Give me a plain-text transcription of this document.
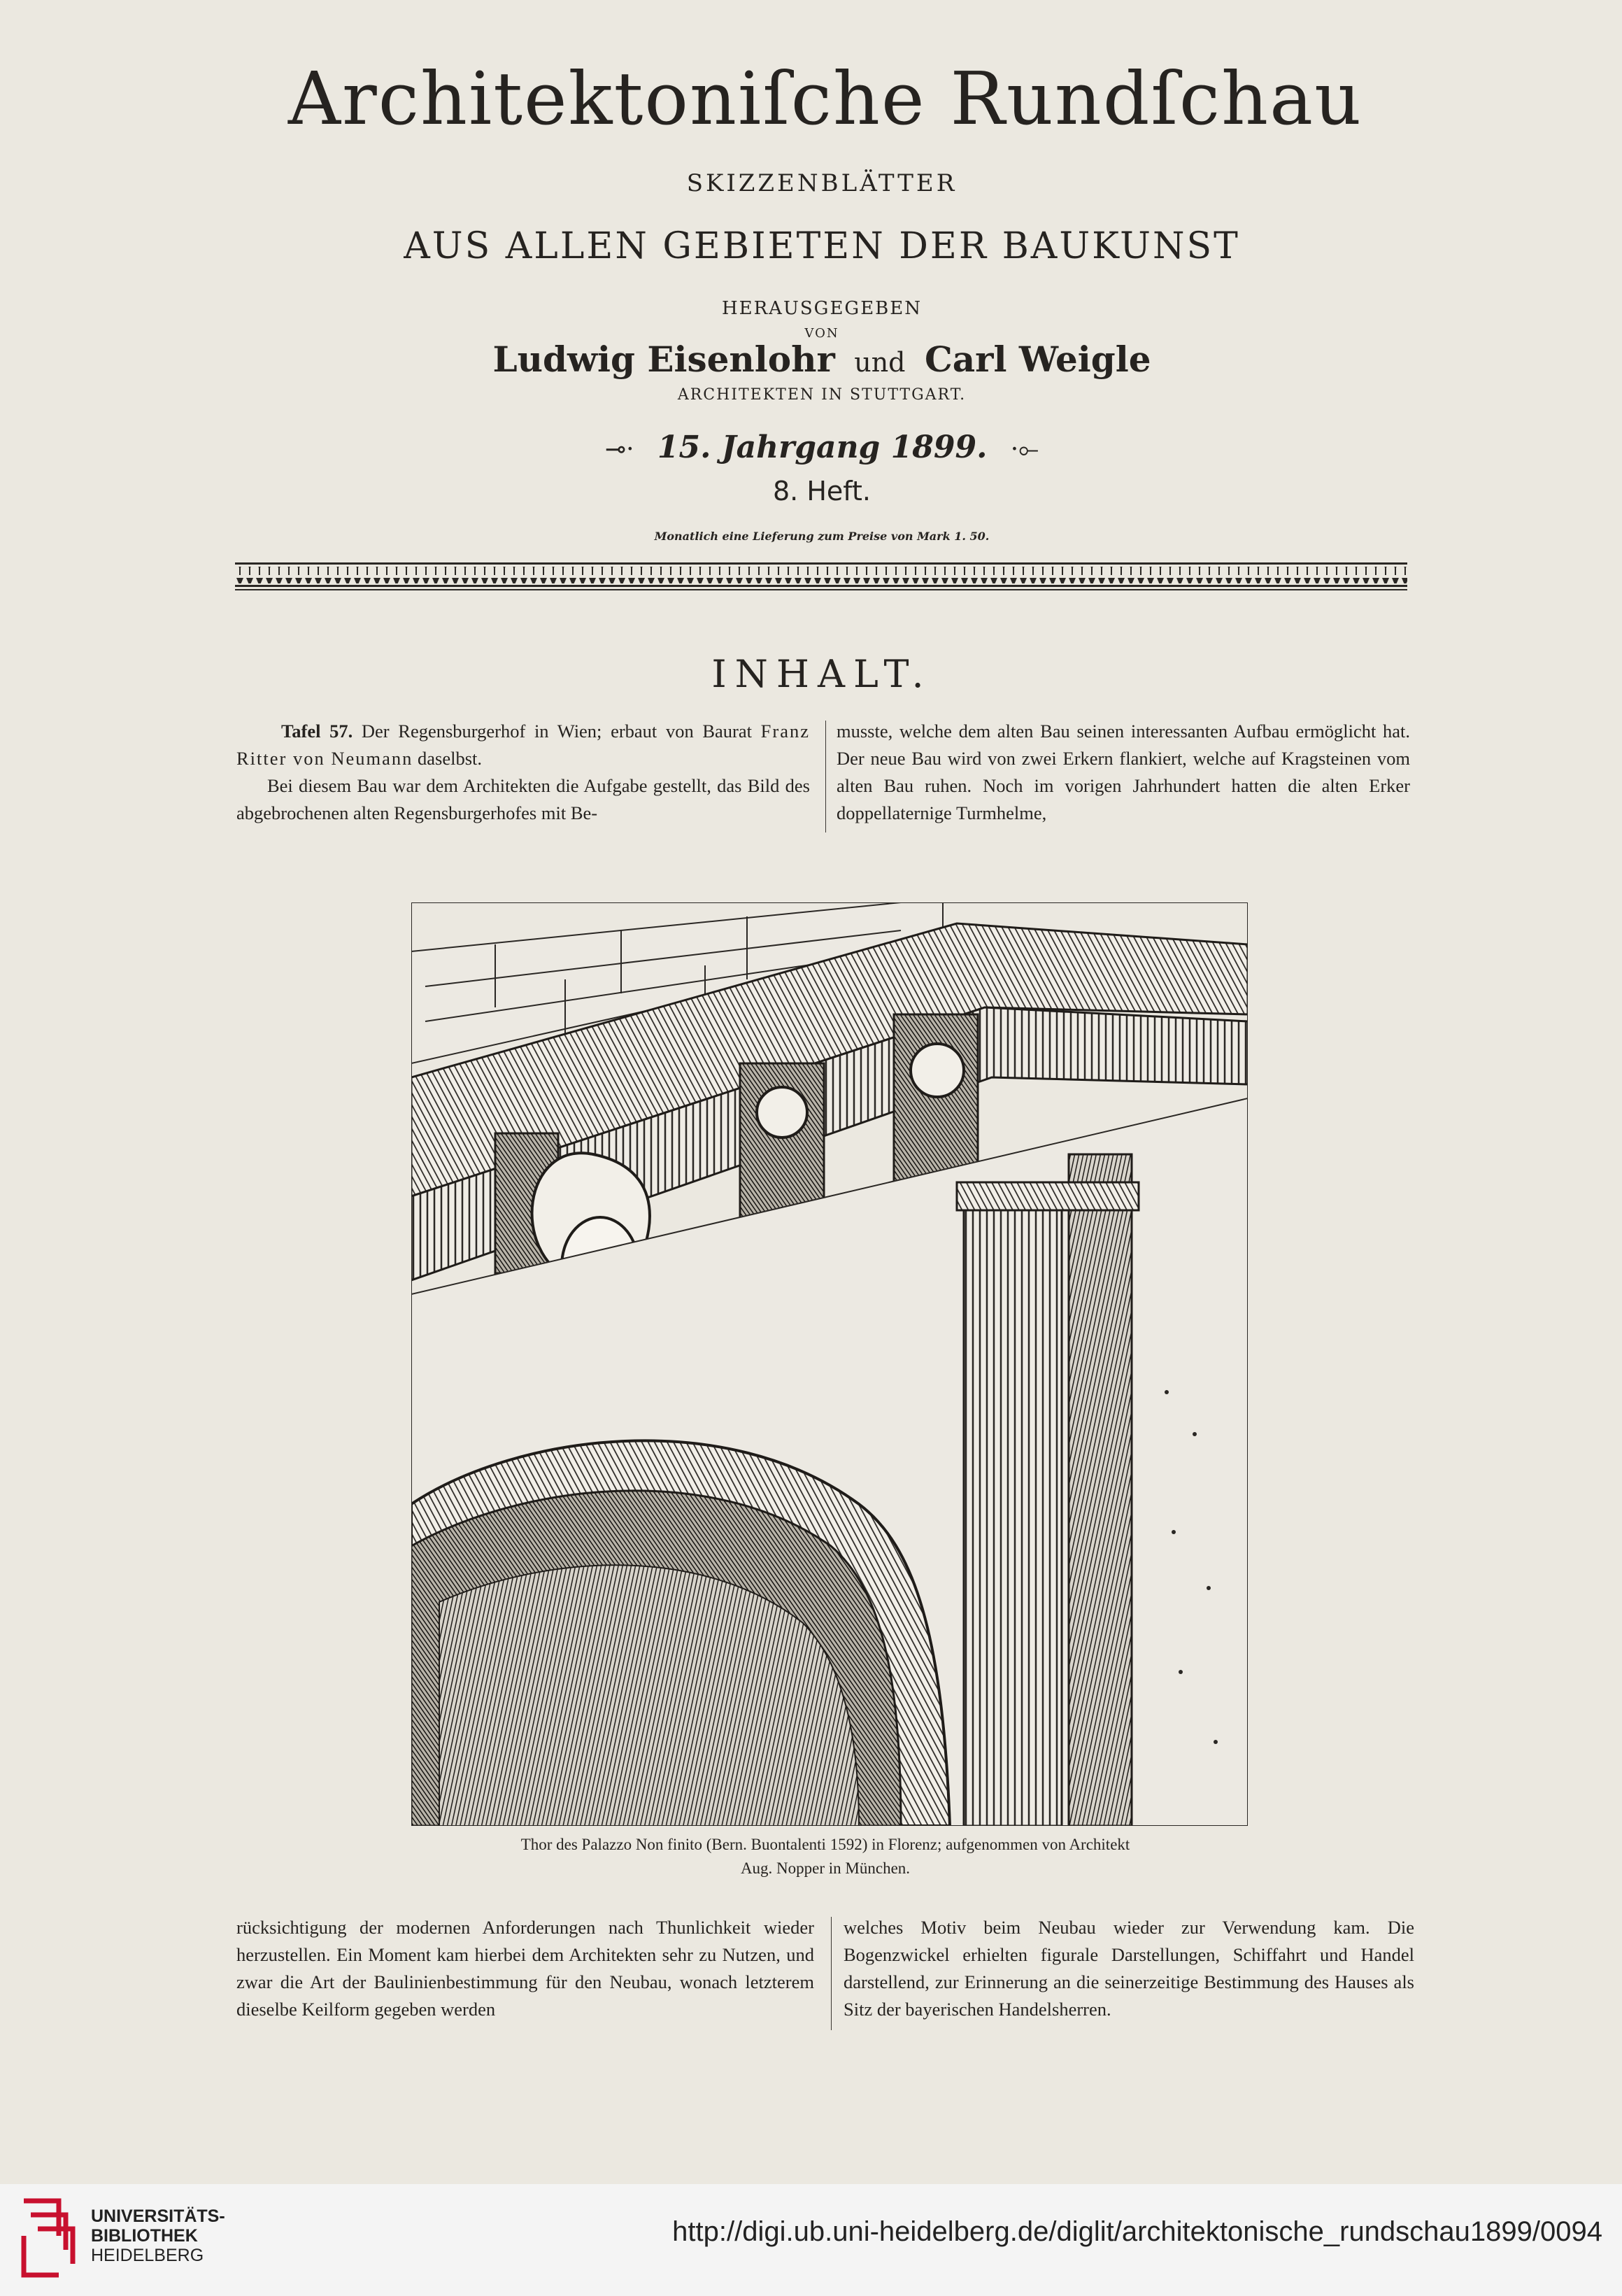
Architektoniſche Rundſchau
SKIZZENBLÄTTER
AUS ALLEN GEBIETEN DER BAUKUNST
HERAUSGEGEBEN
VON
Ludwig Eisenlohr und Carl Weigle
ARCHITEKTEN IN STUTTGART.
⊸· 15. Jahrgang 1899. ·⟜
8. Heft.
Monatlich eine Lieferung zum Preise von Mark 1. 50.
INHALT.

Tafel 57. Der Regensburgerhof in Wien; erbaut von Baurat Franz Ritter von Neumann daselbst.

Bei diesem Bau war dem Architekten die Aufgabe gestellt, das Bild des abgebrochenen alten Regensburgerhofes mit Be-

musste, welche dem alten Bau seinen interessanten Aufbau ermöglicht hat. Der neue Bau wird von zwei Erkern flankiert, welche auf Kragsteinen vom alten Bau ruhen. Noch im vorigen Jahrhundert hatten die alten Erker doppellaternige Turmhelme,

Thor des Palazzo Non finito (Bern. Buontalenti 1592) in Florenz; aufgenommen von Architekt
Aug. Nopper in München.

rücksichtigung der modernen Anforderungen nach Thunlichkeit wieder herzustellen. Ein Moment kam hierbei dem Architekten sehr zu Nutzen, und zwar die Art der Baulinienbestimmung für den Neubau, wonach letzterem dieselbe Keilform gegeben werden

welches Motiv beim Neubau wieder zur Verwendung kam. Die Bogenzwickel erhielten figurale Darstellungen, Schiffahrt und Handel darstellend, zur Erinnerung an die seinerzeitige Bestimmung des Hauses als Sitz der bayerischen Handelsherren.

UNIVERSITÄTS-
BIBLIOTHEK
HEIDELBERG
http://digi.ub.uni-heidelberg.de/diglit/architektonische_rundschau1899/0094
